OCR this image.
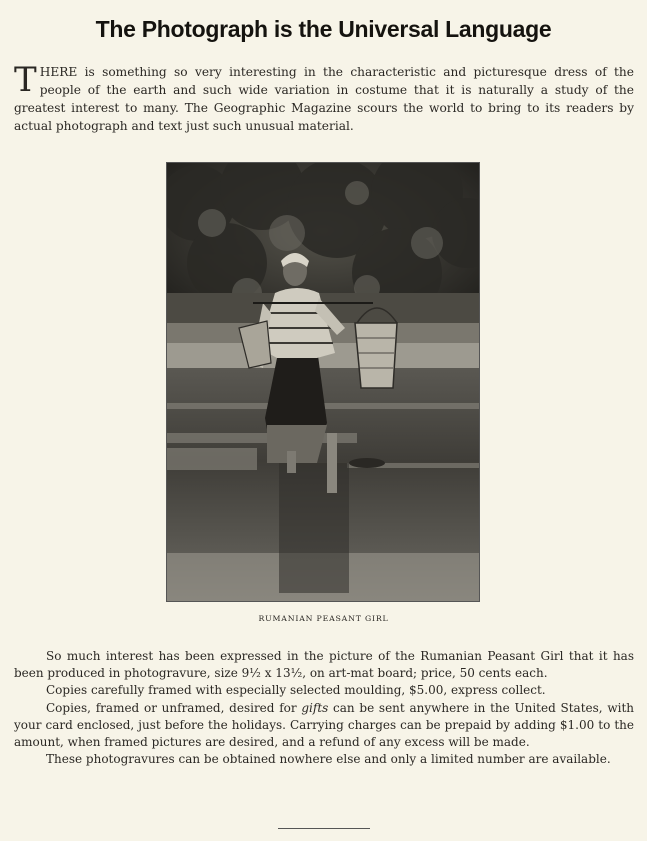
The Photograph is the Universal Language
THERE is something so very interesting in the characteristic and picturesque dress of the people of the earth and such wide variation in costume that it is naturally a study of the greatest interest to many. The Geographic Magazine scours the world to bring to its readers by actual photograph and text just such unusual material.
RUMANIAN PEASANT GIRL

So much interest has been expressed in the picture of the Rumanian Peasant Girl that it has been produced in photogravure, size 9½ x 13½, on art-mat board; price, 50 cents each.

Copies carefully framed with especially selected moulding, $5.00, express collect.

Copies, framed or unframed, desired for gifts can be sent anywhere in the United States, with your card enclosed, just before the holidays. Carrying charges can be prepaid by adding $1.00 to the amount, when framed pictures are desired, and a refund of any excess will be made.

These photogravures can be obtained nowhere else and only a limited number are available.
